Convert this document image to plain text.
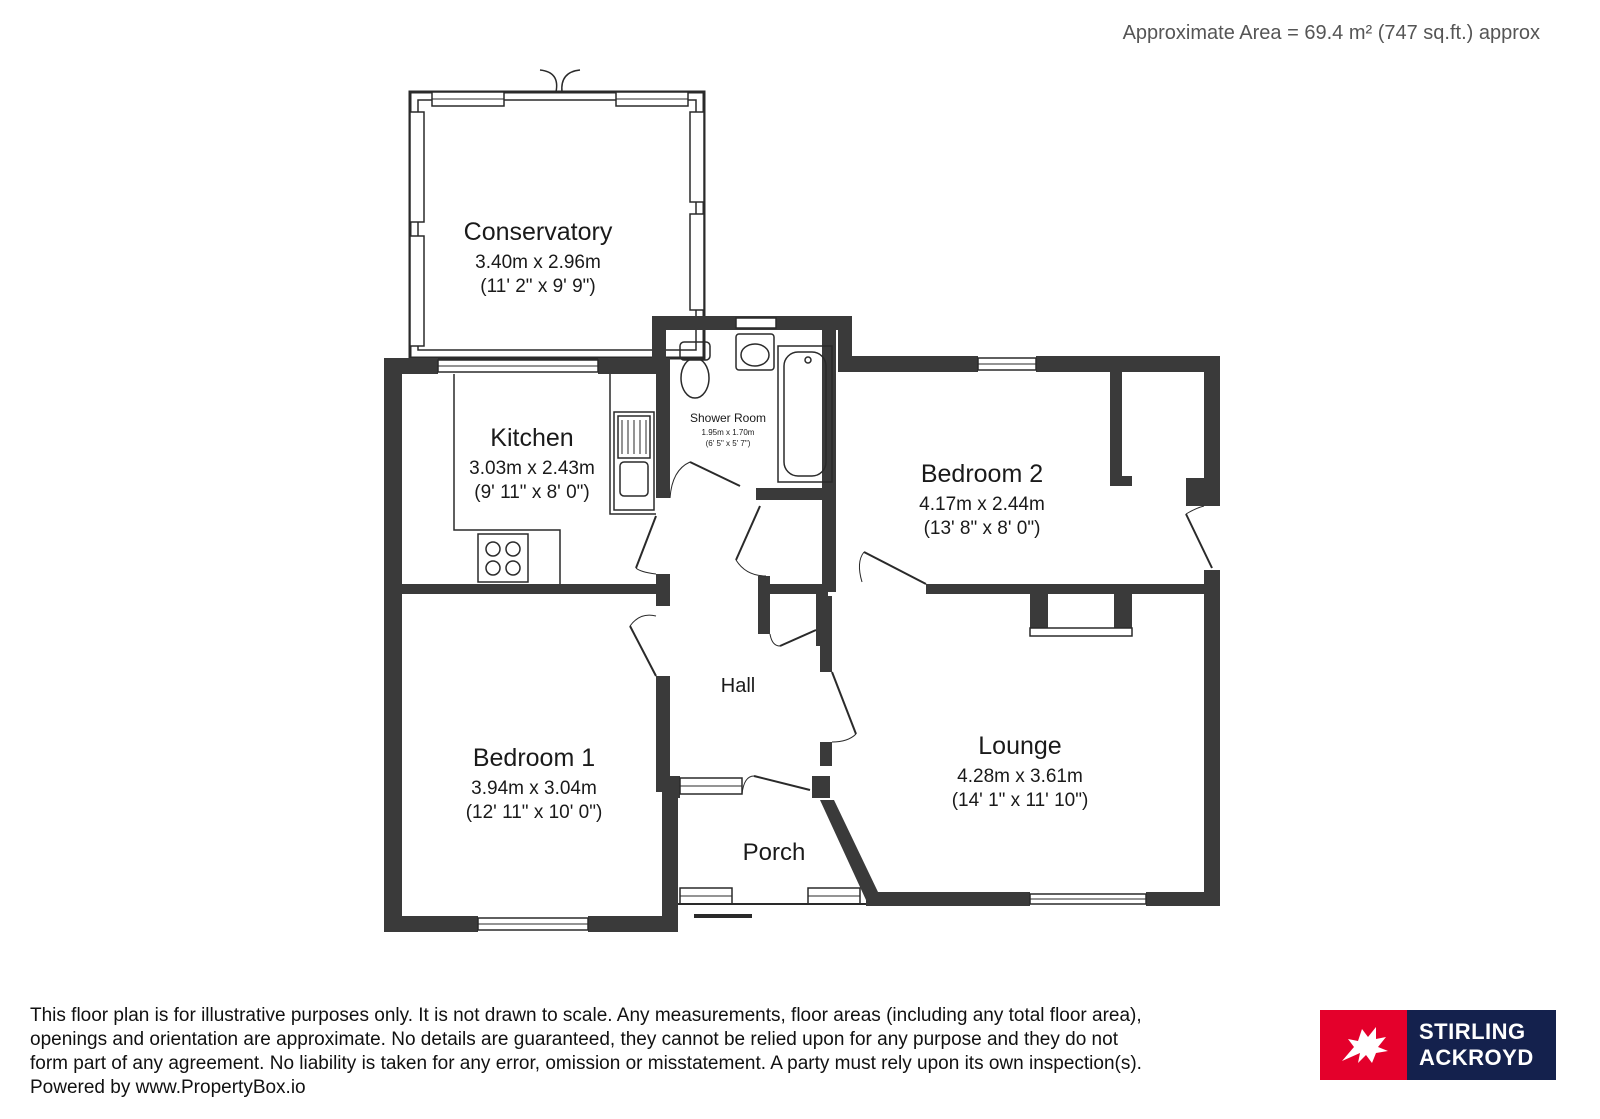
Approximate Area = 69.4 m² (747 sq.ft.) approx
Conservatory
3.40m x 2.96m
(11' 2" x 9' 9")
Kitchen
3.03m x 2.43m
(9' 11" x 8' 0")
Shower Room
1.95m x 1.70m
(6' 5" x 5' 7")
Bedroom 2
4.17m x 2.44m
(13' 8" x 8' 0")
Hall
Bedroom 1
3.94m x 3.04m
(12' 11" x 10' 0")
Lounge
4.28m x 3.61m
(14' 1" x 11' 10")
Porch

This floor plan is for illustrative purposes only. It is not drawn to scale. Any measurements, floor areas (including any total floor area),

openings and orientation are approximate. No details are guaranteed, they cannot be relied upon for any purpose and they do not

form part of any agreement. No liability is taken for any error, omission or misstatement. A party must rely upon its own inspection(s).

Powered by www.PropertyBox.io

STIRLING
ACKROYD
